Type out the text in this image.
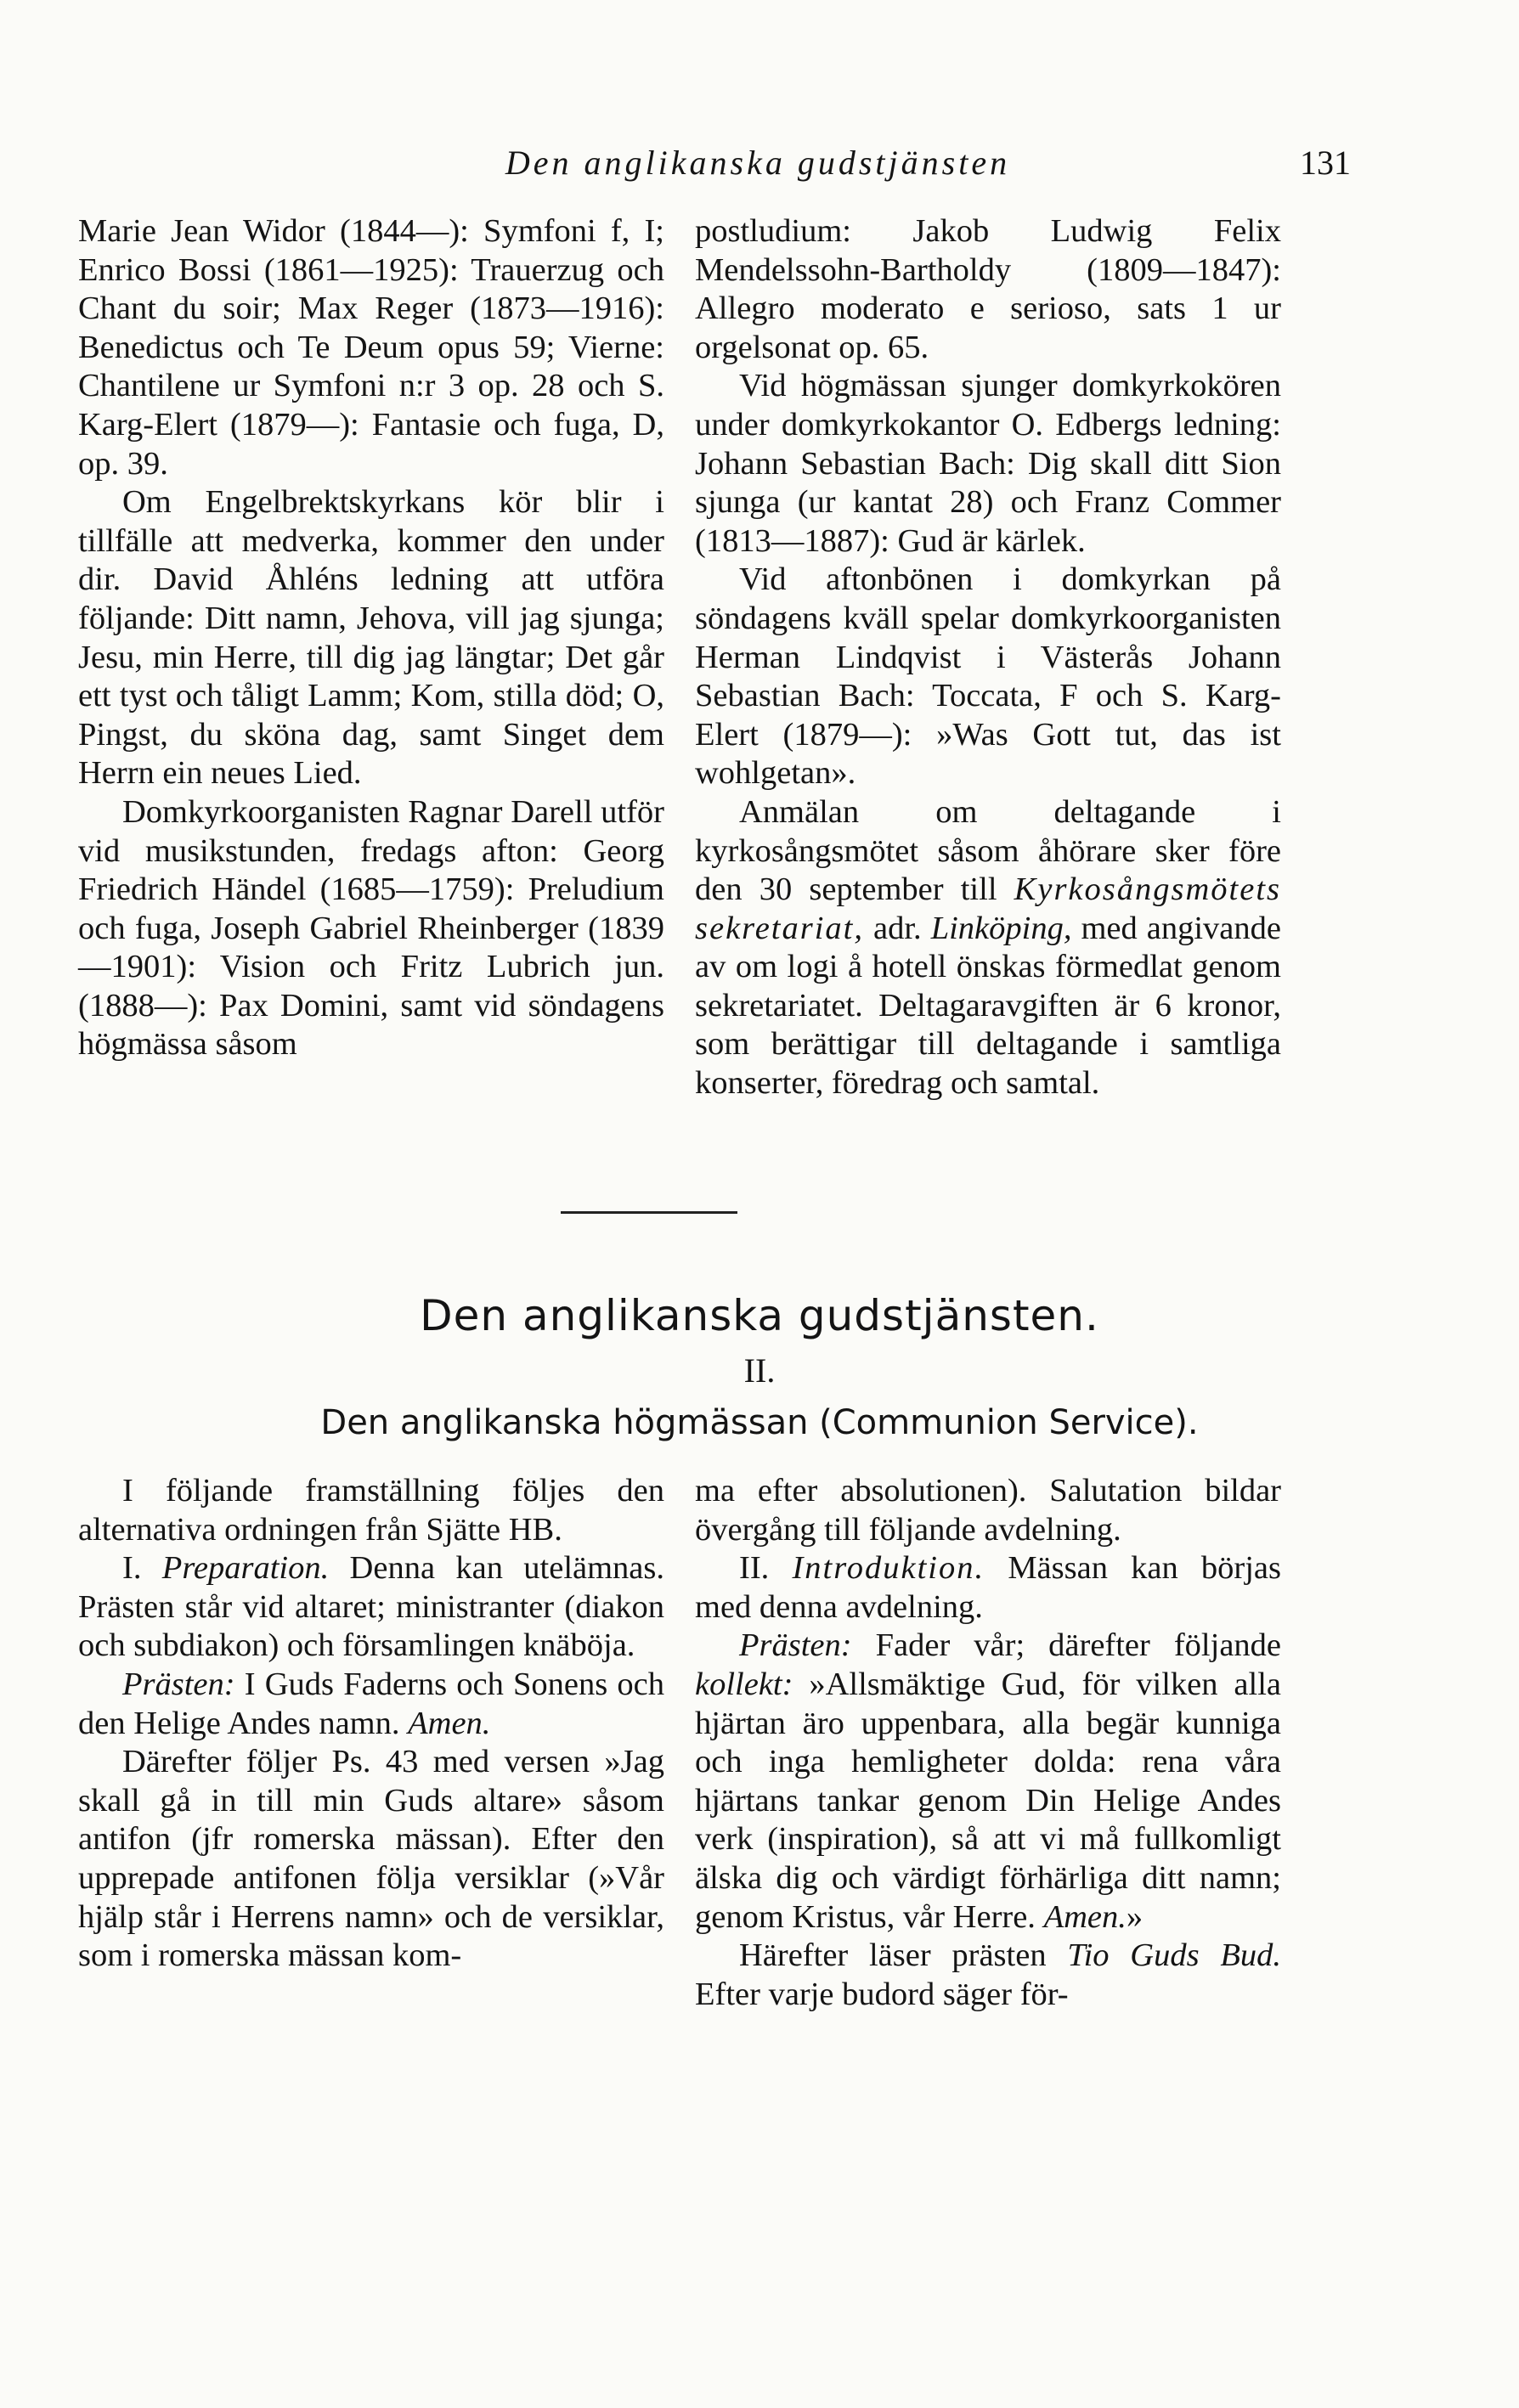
Den anglikanska gudstjänsten	131

Marie Jean Widor (1844—): Symfoni f, I; Enrico Bossi (1861—1925): Trauerzug och Chant du soir; Max Reger (1873—1916): Benedictus och Te Deum opus 59; Vierne: Chantilene ur Symfoni n:r 3 op. 28 och S. Karg-Elert (1879—): Fantasie och fuga, D, op. 39.

Om Engelbrektskyrkans kör blir i tillfälle att medverka, kommer den under dir. David Åhléns ledning att utföra följande: Ditt namn, Jehova, vill jag sjunga; Jesu, min Herre, till dig jag längtar; Det går ett tyst och tåligt Lamm; Kom, stilla död; O, Pingst, du sköna dag, samt Singet dem Herrn ein neues Lied.

Domkyrkoorganisten Ragnar Darell utför vid musikstunden, fredags afton: Georg Friedrich Händel (1685—1759): Preludium och fuga, Joseph Gabriel Rheinberger (1839—1901): Vision och Fritz Lubrich jun. (1888—): Pax Domini, samt vid söndagens högmässa såsom

postludium: Jakob Ludwig Felix Mendelssohn-Bartholdy (1809—1847): Allegro moderato e serioso, sats 1 ur orgelsonat op. 65.

Vid högmässan sjunger domkyrkokören under domkyrkokantor O. Edbergs ledning: Johann Sebastian Bach: Dig skall ditt Sion sjunga (ur kantat 28) och Franz Commer (1813—1887): Gud är kärlek.

Vid aftonbönen i domkyrkan på söndagens kväll spelar domkyrkoorganisten Herman Lindqvist i Västerås Johann Sebastian Bach: Toccata, F och S. Karg-Elert (1879—): »Was Gott tut, das ist wohlgetan».

Anmälan om deltagande i kyrkosångsmötet såsom åhörare sker före den 30 september till Kyrkosångsmötets sekretariat, adr. Linköping, med angivande av om logi å hotell önskas förmedlat genom sekretariatet. Deltagaravgiften är 6 kronor, som berättigar till deltagande i samtliga konserter, föredrag och samtal.

Den anglikanska gudstjänsten.
II.
Den anglikanska högmässan (Communion Service).

I följande framställning följes den alternativa ordningen från Sjätte HB.

I. Preparation. Denna kan utelämnas. Prästen står vid altaret; ministranter (diakon och subdiakon) och församlingen knäböja.

Prästen: I Guds Faderns och Sonens och den Helige Andes namn. Amen.

Därefter följer Ps. 43 med versen »Jag skall gå in till min Guds altare» såsom antifon (jfr romerska mässan). Efter den upprepade antifonen följa versiklar (»Vår hjälp står i Herrens namn» och de versiklar, som i romerska mässan kom-

ma efter absolutionen). Salutation bildar övergång till följande avdelning.

II. Introduktion. Mässan kan börjas med denna avdelning.

Prästen: Fader vår; därefter följande kollekt: »Allsmäktige Gud, för vilken alla hjärtan äro uppenbara, alla begär kunniga och inga hemligheter dolda: rena våra hjärtans tankar genom Din Helige Andes verk (inspiration), så att vi må fullkomligt älska dig och värdigt förhärliga ditt namn; genom Kristus, vår Herre. Amen.»

Härefter läser prästen Tio Guds Bud. Efter varje budord säger för-
